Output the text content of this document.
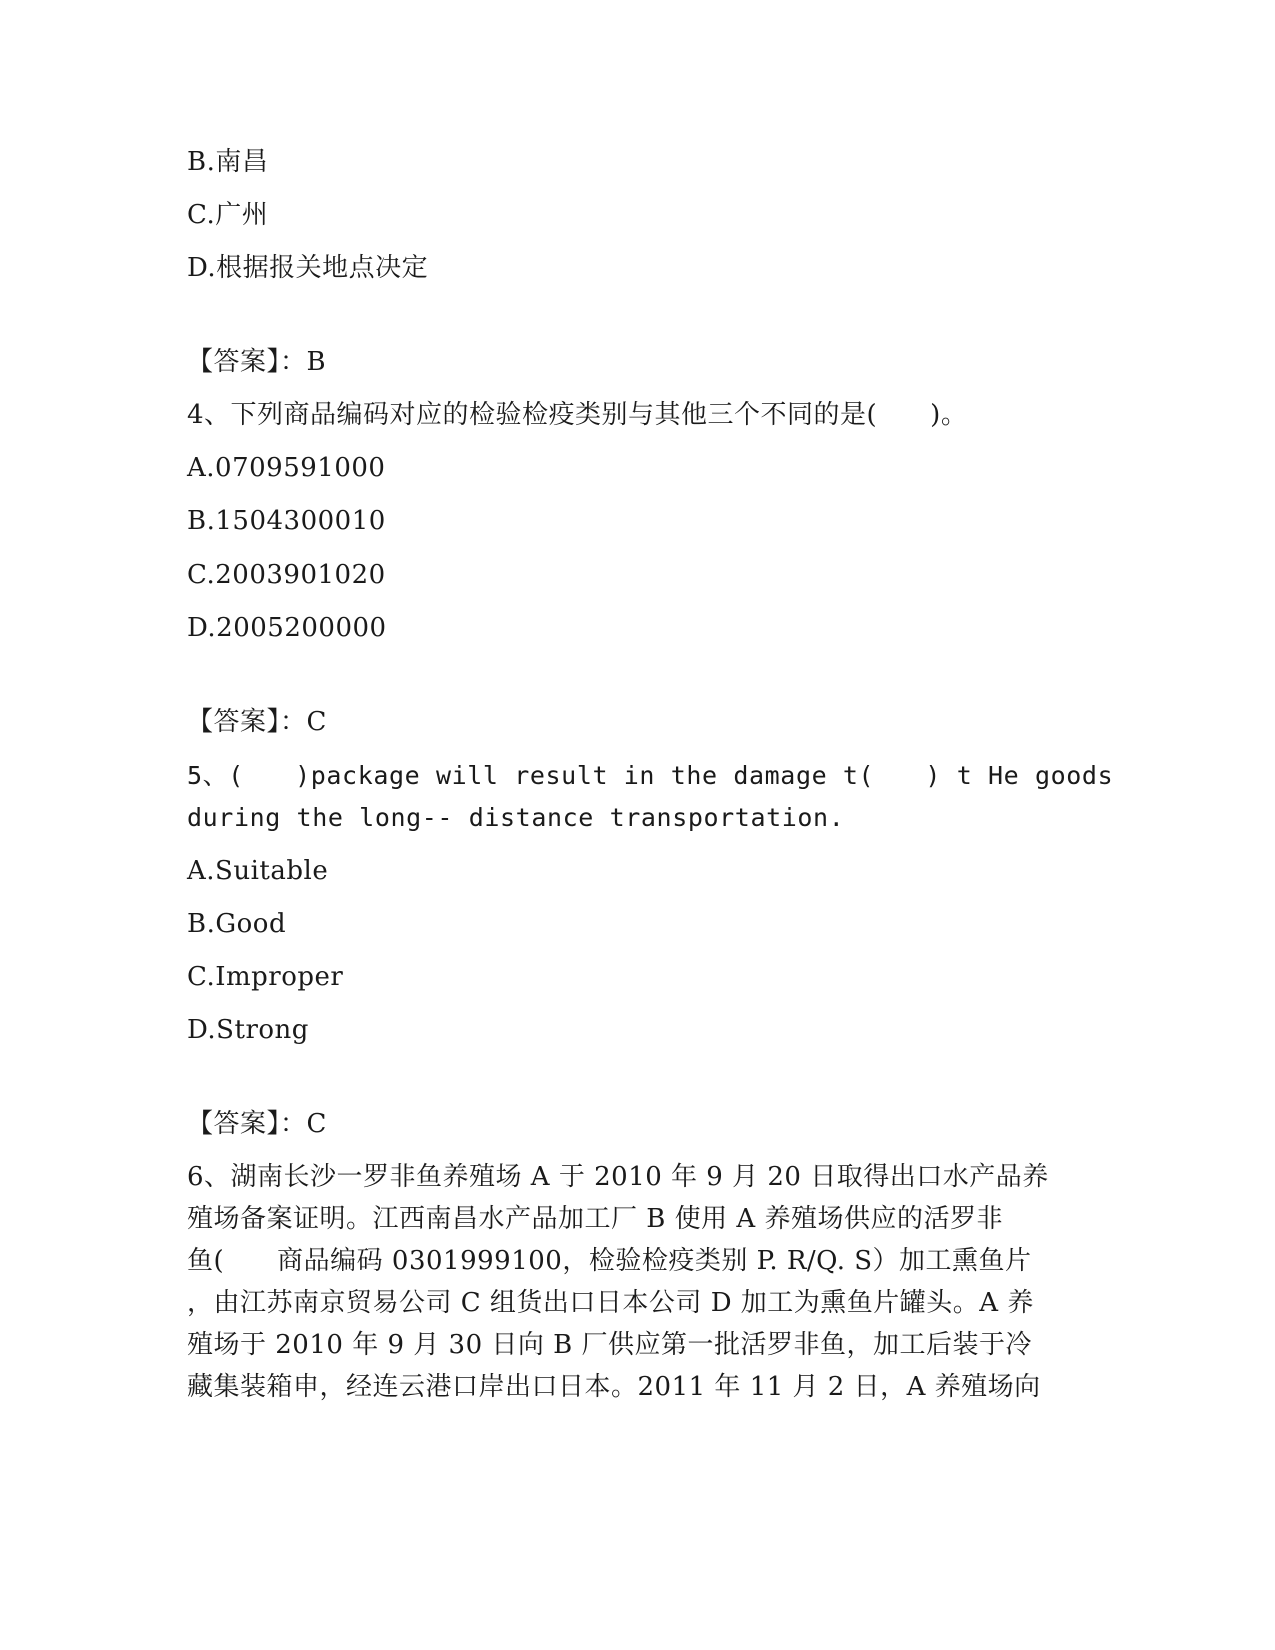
B.南昌
C.广州
D.根据报关地点决定
【答案】：B
4、下列商品编码对应的检验检疫类别与其他三个不同的是(　　)。
A.0709591000
B.1504300010
C.2003901020
D.2005200000
【答案】：C
5、(　　)package will result in the damage t(　　) t He goods
during the long-- distance transportation.
A.Suitable
B.Good
C.Improper
D.Strong
【答案】：C
6、湖南长沙一罗非鱼养殖场 A 于 2010 年 9 月 20 日取得出口水产品养
殖场备案证明。江西南昌水产品加工厂 B 使用 A 养殖场供应的活罗非
鱼(　　商品编码 0301999100，检验检疫类别 P. R/Q. S）加工熏鱼片
，由江苏南京贸易公司 C 组货出口日本公司 D 加工为熏鱼片罐头。A 养
殖场于 2010 年 9 月 30 日向 B 厂供应第一批活罗非鱼，加工后装于冷
藏集装箱申，经连云港口岸出口日本。2011 年 11 月 2 日，A 养殖场向
